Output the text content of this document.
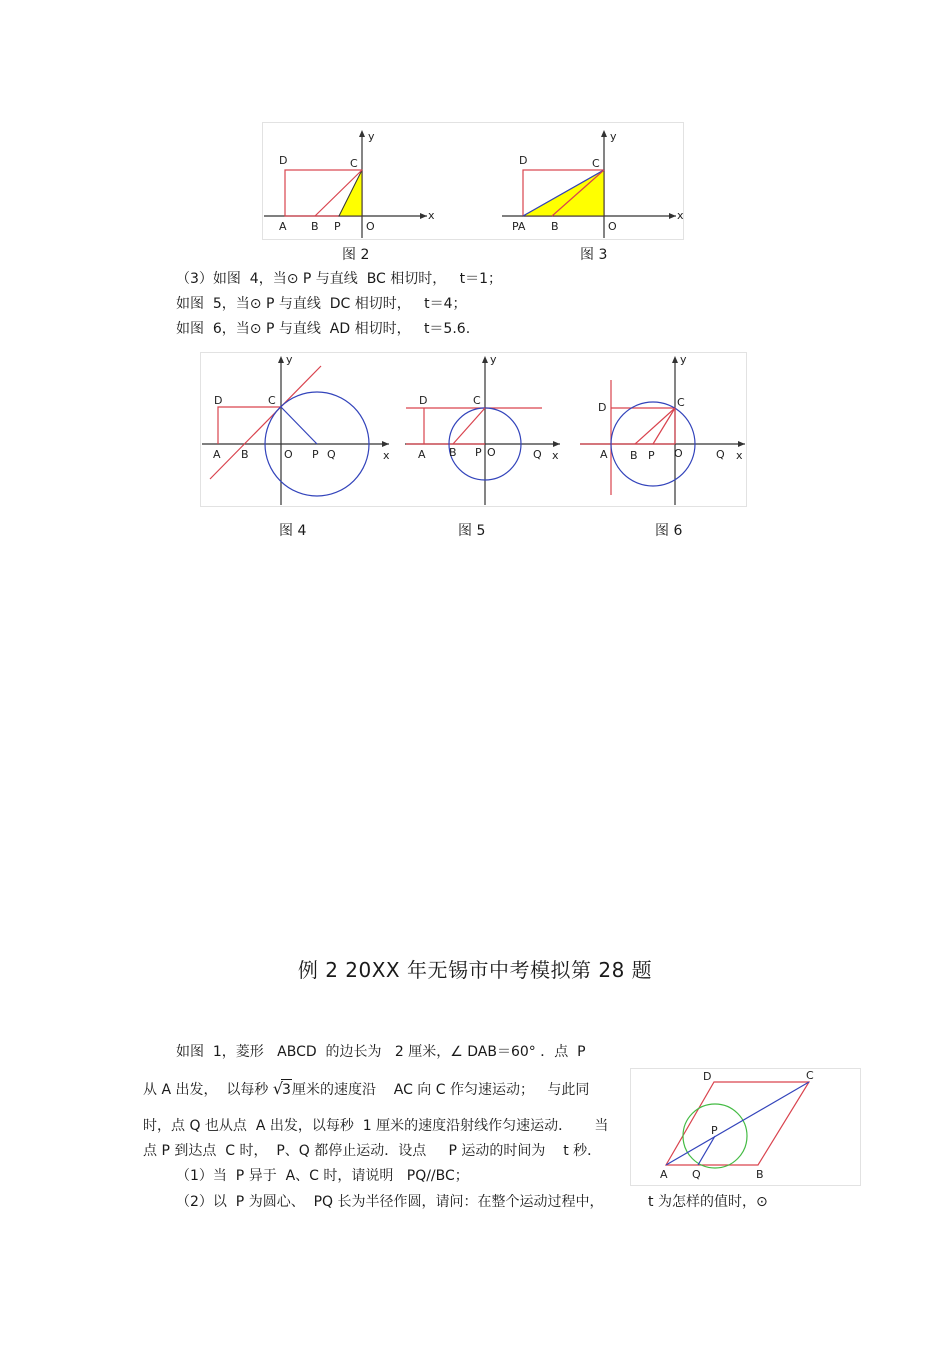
x
y
D	C
A B P O
x
y
D	C
PA B	O
图 2	图 3
（3）如图  4，当⊙ P 与直线  BC 相切时，   t＝1；
如图  5，当⊙ P 与直线  DC 相切时，   t＝4；
如图  6，当⊙ P 与直线  AD 相切时，   t＝5.6.
x
y
D	C
A B	O P Q	x
y
D	C
A B P O	Q	x
y
D	C
A B P O	Q
图 4	图 5	图 6
例 2 20XX 年无锡市中考模拟第 28 题
如图  1，菱形   ABCD  的边长为   2 厘米，∠ DAB＝60° ．点  P
从 A 出发，  以每秒 √3厘米的速度沿    AC 向 C 作匀速运动；   与此同
时，点 Q 也从点  A 出发，以每秒  1 厘米的速度沿射线作匀速运动．     当
点 P 到达点  C 时，  P、Q 都停止运动．设点     P 运动的时间为    t 秒．
（1）当  P 异于  A、C 时，请说明   PQ//BC；
（2）以  P 为圆心、  PQ 长为半径作圆，请问：在整个运动过程中，          t 为怎样的值时，⊙
A Q	B
C
D
P
